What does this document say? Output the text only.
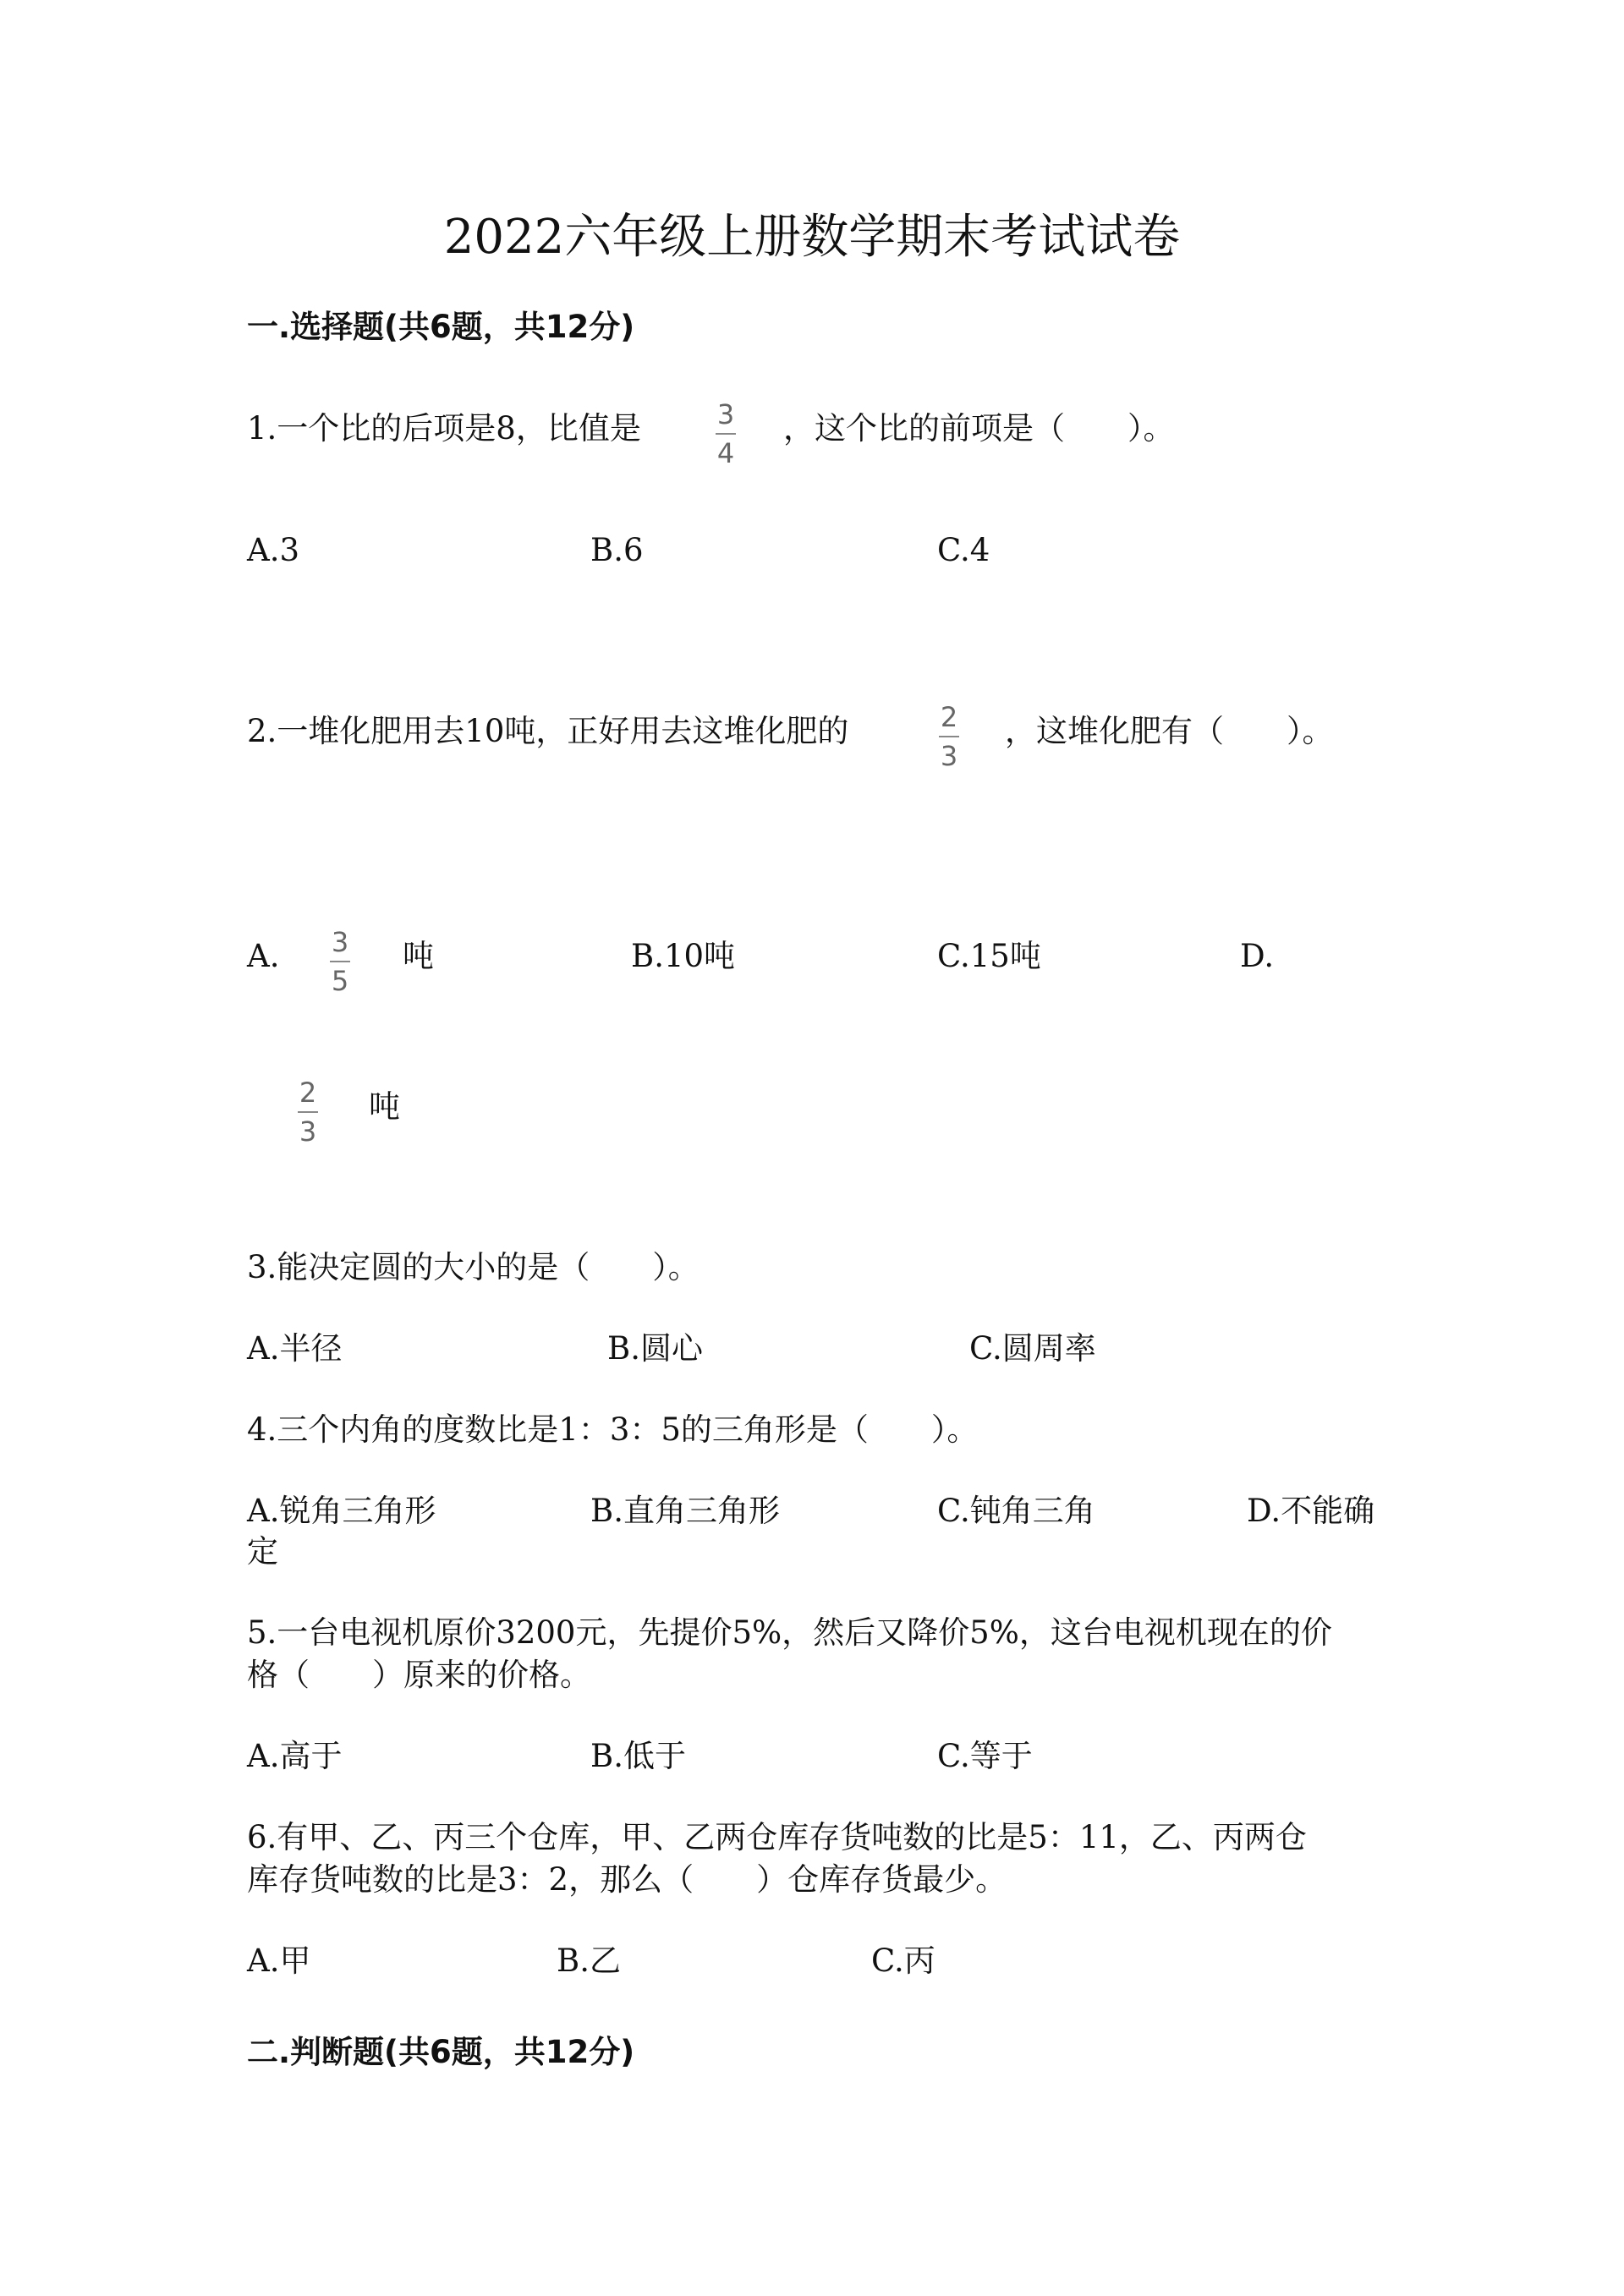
2022六年级上册数学期末考试试卷
一.选择题(共6题，共12分)
1.一个比的后项是8，比值是	3
4
，这个比的前项是（　　）。
A.3	B.6	C.4
2.一堆化肥用去10吨，正好用去这堆化肥的	2
3
，这堆化肥有（　　）。
A. 3
5
吨	B.10吨	C.15吨	D.
2
3
吨
3.能决定圆的大小的是（　　）。
A.半径	B.圆心	C.圆周率
4.三个内角的度数比是1：3：5的三角形是（　　）。
A.锐角三角形	B.直角三角形	C.钝角三角	D.不能确
定
5.一台电视机原价3200元，先提价5%，然后又降价5%，这台电视机现在的价
格（　　）原来的价格。
A.高于	B.低于	C.等于
6.有甲、乙、丙三个仓库，甲、乙两仓库存货吨数的比是5：11，乙、丙两仓
库存货吨数的比是3：2，那么（　　）仓库存货最少。
A.甲	B.乙	C.丙
二.判断题(共6题，共12分)
